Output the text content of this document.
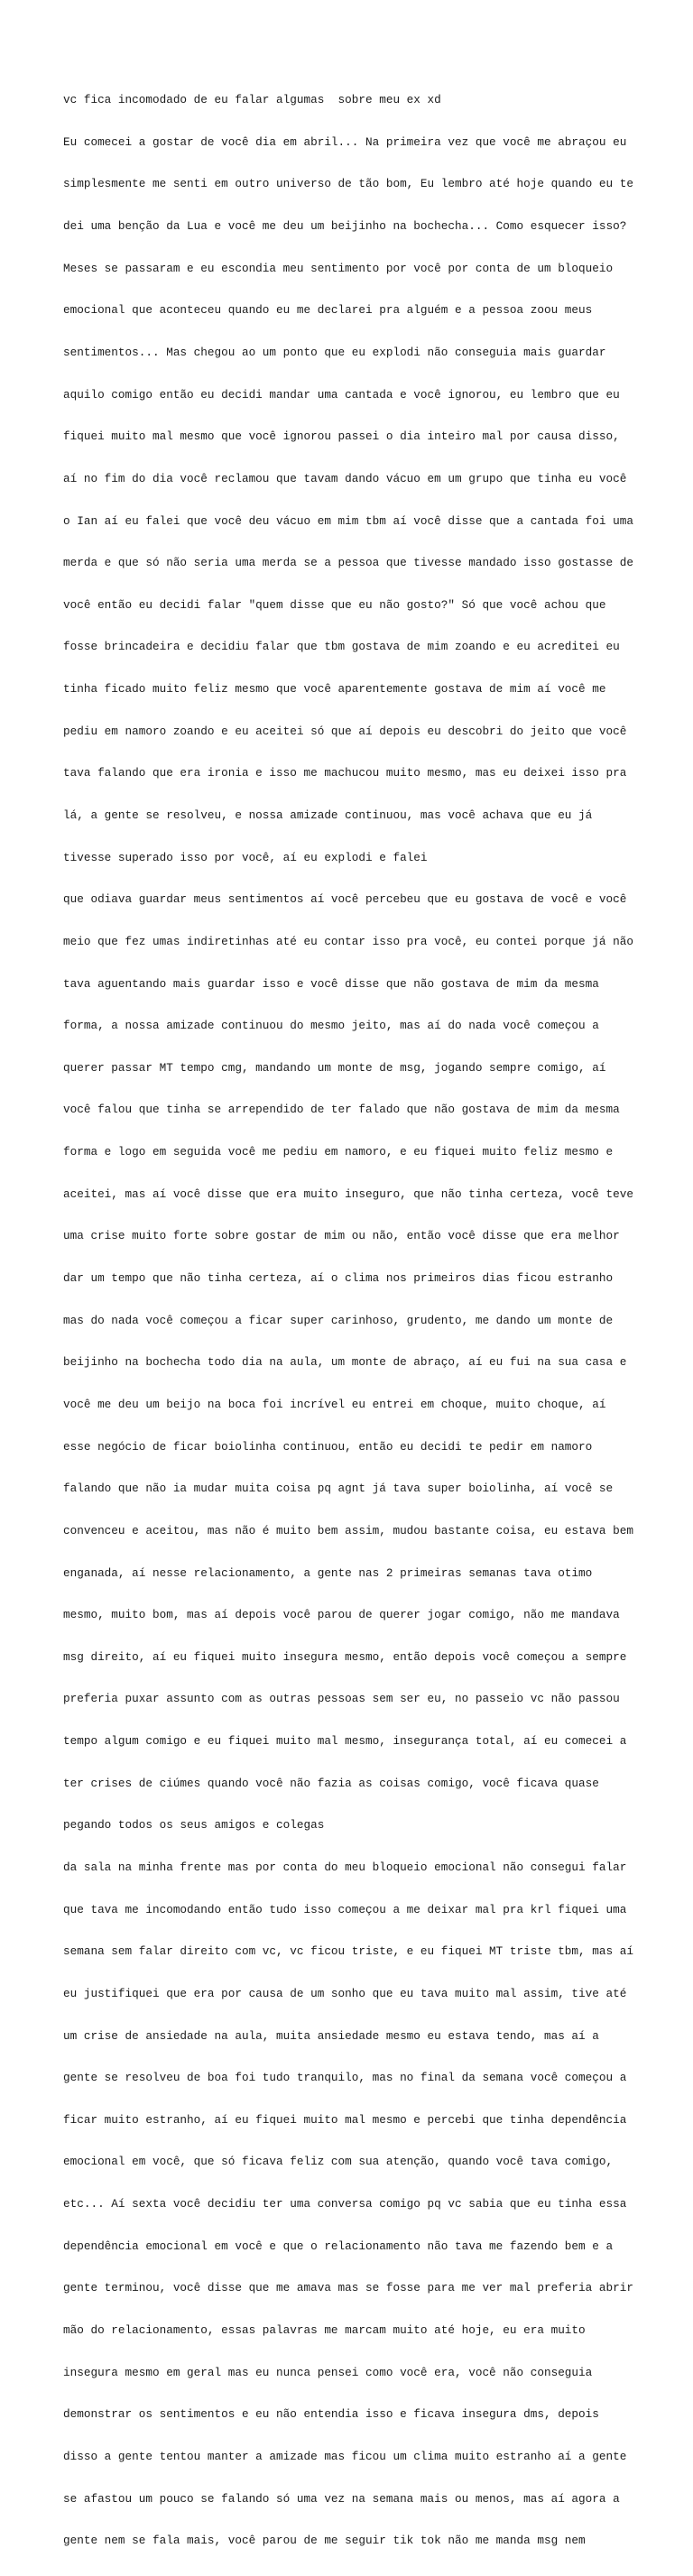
vc fica incomodado de eu falar algumas  sobre meu ex xd

Eu comecei a gostar de você dia em abril... Na primeira vez que você me abraçou eu

simplesmente me senti em outro universo de tão bom, Eu lembro até hoje quando eu te

dei uma benção da Lua e você me deu um beijinho na bochecha... Como esquecer isso?

Meses se passaram e eu escondia meu sentimento por você por conta de um bloqueio

emocional que aconteceu quando eu me declarei pra alguém e a pessoa zoou meus

sentimentos... Mas chegou ao um ponto que eu explodi não conseguia mais guardar

aquilo comigo então eu decidi mandar uma cantada e você ignorou, eu lembro que eu

fiquei muito mal mesmo que você ignorou passei o dia inteiro mal por causa disso,

aí no fim do dia você reclamou que tavam dando vácuo em um grupo que tinha eu você

o Ian aí eu falei que você deu vácuo em mim tbm aí você disse que a cantada foi uma

merda e que só não seria uma merda se a pessoa que tivesse mandado isso gostasse de

você então eu decidi falar "quem disse que eu não gosto?" Só que você achou que

fosse brincadeira e decidiu falar que tbm gostava de mim zoando e eu acreditei eu

tinha ficado muito feliz mesmo que você aparentemente gostava de mim aí você me

pediu em namoro zoando e eu aceitei só que aí depois eu descobri do jeito que você

tava falando que era ironia e isso me machucou muito mesmo, mas eu deixei isso pra

lá, a gente se resolveu, e nossa amizade continuou, mas você achava que eu já

tivesse superado isso por você, aí eu explodi e falei

que odiava guardar meus sentimentos aí você percebeu que eu gostava de você e você

meio que fez umas indiretinhas até eu contar isso pra você, eu contei porque já não

tava aguentando mais guardar isso e você disse que não gostava de mim da mesma

forma, a nossa amizade continuou do mesmo jeito, mas aí do nada você começou a

querer passar MT tempo cmg, mandando um monte de msg, jogando sempre comigo, aí

você falou que tinha se arrependido de ter falado que não gostava de mim da mesma

forma e logo em seguida você me pediu em namoro, e eu fiquei muito feliz mesmo e

aceitei, mas aí você disse que era muito inseguro, que não tinha certeza, você teve

uma crise muito forte sobre gostar de mim ou não, então você disse que era melhor

dar um tempo que não tinha certeza, aí o clima nos primeiros dias ficou estranho

mas do nada você começou a ficar super carinhoso, grudento, me dando um monte de

beijinho na bochecha todo dia na aula, um monte de abraço, aí eu fui na sua casa e

você me deu um beijo na boca foi incrível eu entrei em choque, muito choque, aí

esse negócio de ficar boiolinha continuou, então eu decidi te pedir em namoro

falando que não ia mudar muita coisa pq agnt já tava super boiolinha, aí você se

convenceu e aceitou, mas não é muito bem assim, mudou bastante coisa, eu estava bem

enganada, aí nesse relacionamento, a gente nas 2 primeiras semanas tava otimo

mesmo, muito bom, mas aí depois você parou de querer jogar comigo, não me mandava

msg direito, aí eu fiquei muito insegura mesmo, então depois você começou a sempre

preferia puxar assunto com as outras pessoas sem ser eu, no passeio vc não passou

tempo algum comigo e eu fiquei muito mal mesmo, insegurança total, aí eu comecei a

ter crises de ciúmes quando você não fazia as coisas comigo, você ficava quase

pegando todos os seus amigos e colegas

da sala na minha frente mas por conta do meu bloqueio emocional não consegui falar

que tava me incomodando então tudo isso começou a me deixar mal pra krl fiquei uma

semana sem falar direito com vc, vc ficou triste, e eu fiquei MT triste tbm, mas aí

eu justifiquei que era por causa de um sonho que eu tava muito mal assim, tive até

um crise de ansiedade na aula, muita ansiedade mesmo eu estava tendo, mas aí a

gente se resolveu de boa foi tudo tranquilo, mas no final da semana você começou a

ficar muito estranho, aí eu fiquei muito mal mesmo e percebi que tinha dependência

emocional em você, que só ficava feliz com sua atenção, quando você tava comigo,

etc... Aí sexta você decidiu ter uma conversa comigo pq vc sabia que eu tinha essa

dependência emocional em você e que o relacionamento não tava me fazendo bem e a

gente terminou, você disse que me amava mas se fosse para me ver mal preferia abrir

mão do relacionamento, essas palavras me marcam muito até hoje, eu era muito

insegura mesmo em geral mas eu nunca pensei como você era, você não conseguia

demonstrar os sentimentos e eu não entendia isso e ficava insegura dms, depois

disso a gente tentou manter a amizade mas ficou um clima muito estranho aí a gente

se afastou um pouco se falando só uma vez na semana mais ou menos, mas aí agora a

gente nem se fala mais, você parou de me seguir tik tok não me manda msg nem
